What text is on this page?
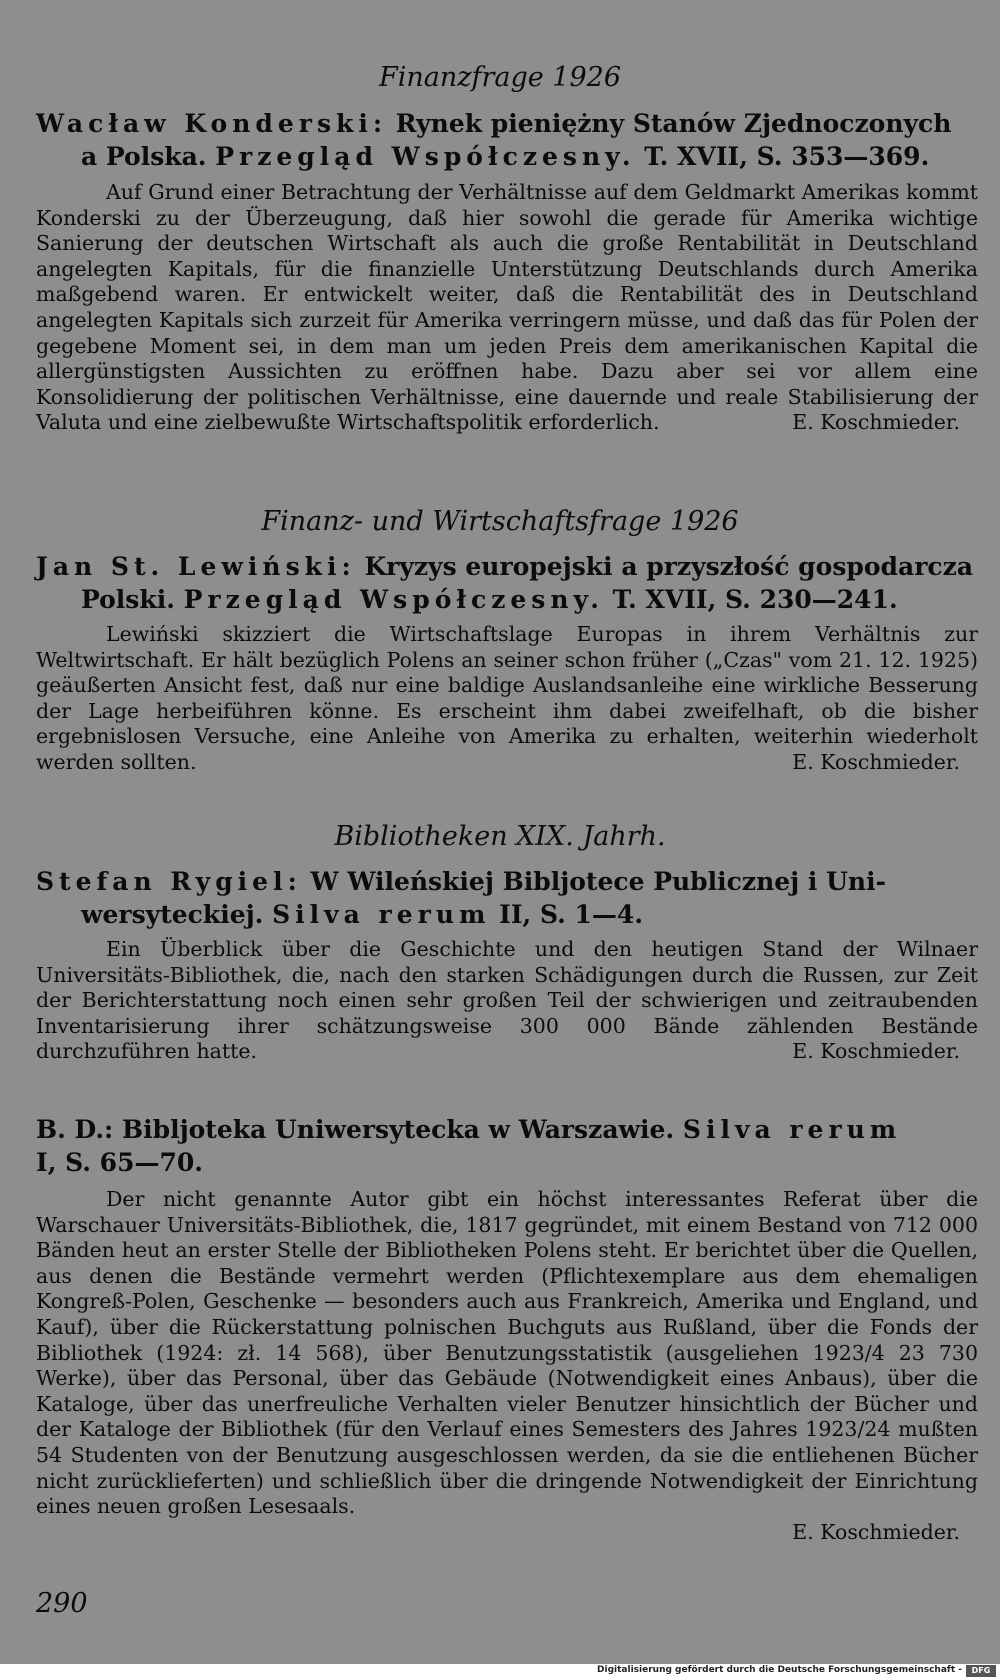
Finanzfrage 1926
Wacław Konderski: Rynek pieniężny Stanów Zjednoczonych
a Polska. Przegląd Współczesny. T. XVII, S. 353—369.

Auf Grund einer Betrachtung der Verhältnisse auf dem Geldmarkt Amerikas kommt Konderski zu der Überzeugung, daß hier sowohl die gerade für Amerika wichtige Sanierung der deutschen Wirtschaft als auch die große Rentabilität in Deutschland angelegten Kapitals, für die finanzielle Unterstützung Deutschlands durch Amerika maßgebend waren. Er entwickelt weiter, daß die Rentabilität des in Deutschland angelegten Kapitals sich zurzeit für Amerika verringern müsse, und daß das für Polen der gegebene Moment sei, in dem man um jeden Preis dem amerikanischen Kapital die allergünstigsten Aussichten zu eröffnen habe. Dazu aber sei vor allem eine Konsolidierung der politischen Verhältnisse, eine dauernde und reale Stabilisierung der Valuta und eine zielbewußte Wirtschaftspolitik erforderlich.	E. Koschmieder.

Finanz- und Wirtschaftsfrage 1926
Jan St. Lewiński: Kryzys europejski a przyszłość gospodarcza
Polski. Przegląd Współczesny. T. XVII, S. 230—241.

Lewiński skizziert die Wirtschaftslage Europas in ihrem Verhältnis zur Weltwirtschaft. Er hält bezüglich Polens an seiner schon früher („Czas" vom 21. 12. 1925) geäußerten Ansicht fest, daß nur eine baldige Auslandsanleihe eine wirkliche Besserung der Lage herbeiführen könne. Es erscheint ihm dabei zweifelhaft, ob die bisher ergebnislosen Versuche, eine Anleihe von Amerika zu erhalten, weiterhin wiederholt werden sollten.	E. Koschmieder.

Bibliotheken XIX. Jahrh.
Stefan Rygiel: W Wileńskiej Bibljotece Publicznej i Uni-
wersyteckiej. Silva rerum II, S. 1—4.

Ein Überblick über die Geschichte und den heutigen Stand der Wilnaer Universitäts-Bibliothek, die, nach den starken Schädigungen durch die Russen, zur Zeit der Berichterstattung noch einen sehr großen Teil der schwierigen und zeitraubenden Inventarisierung ihrer schätzungsweise 300 000 Bände zählenden Bestände durchzuführen hatte.	E. Koschmieder.

B. D.: Bibljoteka Uniwersytecka w Warszawie. Silva rerum
I, S. 65—70.

Der nicht genannte Autor gibt ein höchst interessantes Referat über die Warschauer Universitäts-Bibliothek, die, 1817 gegründet, mit einem Bestand von 712 000 Bänden heut an erster Stelle der Bibliotheken Polens steht. Er berichtet über die Quellen, aus denen die Bestände vermehrt werden (Pflichtexemplare aus dem ehemaligen Kongreß-Polen, Geschenke — besonders auch aus Frankreich, Amerika und England, und Kauf), über die Rückerstattung polnischen Buchguts aus Rußland, über die Fonds der Bibliothek (1924: zł. 14 568), über Benutzungsstatistik (ausgeliehen 1923/4 23 730 Werke), über das Personal, über das Gebäude (Notwendigkeit eines Anbaus), über die Kataloge, über das unerfreuliche Verhalten vieler Benutzer hinsichtlich der Bücher und der Kataloge der Bibliothek (für den Verlauf eines Semesters des Jahres 1923/24 mußten 54 Studenten von der Benutzung ausgeschlossen werden, da sie die entliehenen Bücher nicht zurücklieferten) und schließlich über die dringende Notwendigkeit der Einrichtung eines neuen großen Lesesaals.
E. Koschmieder.

290
Digitalisierung gefördert durch die Deutsche Forschungsgemeinschaft -	DFG
